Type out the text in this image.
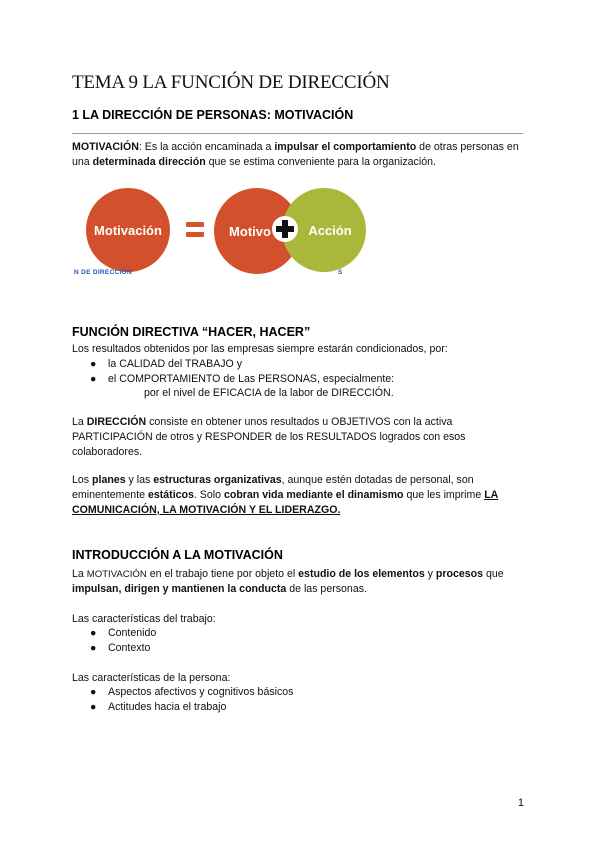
TEMA 9 LA FUNCIÓN DE DIRECCIÓN
1 LA DIRECCIÓN DE PERSONAS: MOTIVACIÓN
MOTIVACIÓN: Es la acción encaminada a impulsar el comportamiento de otras personas en una determinada dirección que se estima conveniente para la organización.
Motivación	Motivo	Acción
N DE DIRECCIÓN	S
FUNCIÓN DIRECTIVA “HACER, HACER”
Los resultados obtenidos por las empresas siempre estarán condicionados, por:
● la CALIDAD del TRABAJO y
● el COMPORTAMIENTO de Las PERSONAS, especialmente:
por el nivel de EFICACIA de la labor de DIRECCIÓN.
La DIRECCIÓN consiste en obtener unos resultados u OBJETIVOS con la activa PARTICIPACIÓN de otros y RESPONDER de los RESULTADOS logrados con esos colaboradores.
Los planes y las estructuras organizativas, aunque estén dotadas de personal, son eminentemente estáticos. Solo cobran vida mediante el dinamismo que les imprime LA COMUNICACIÓN, LA MOTIVACIÓN Y EL LIDERAZGO.
INTRODUCCIÓN A LA MOTIVACIÓN
La MOTIVACIÓN en el trabajo tiene por objeto el estudio de los elementos y procesos que impulsan, dirigen y mantienen la conducta de las personas.
Las características del trabajo:
● Contenido
● Contexto
Las características de la persona:
● Aspectos afectivos y cognitivos básicos
● Actitudes hacia el trabajo
1
